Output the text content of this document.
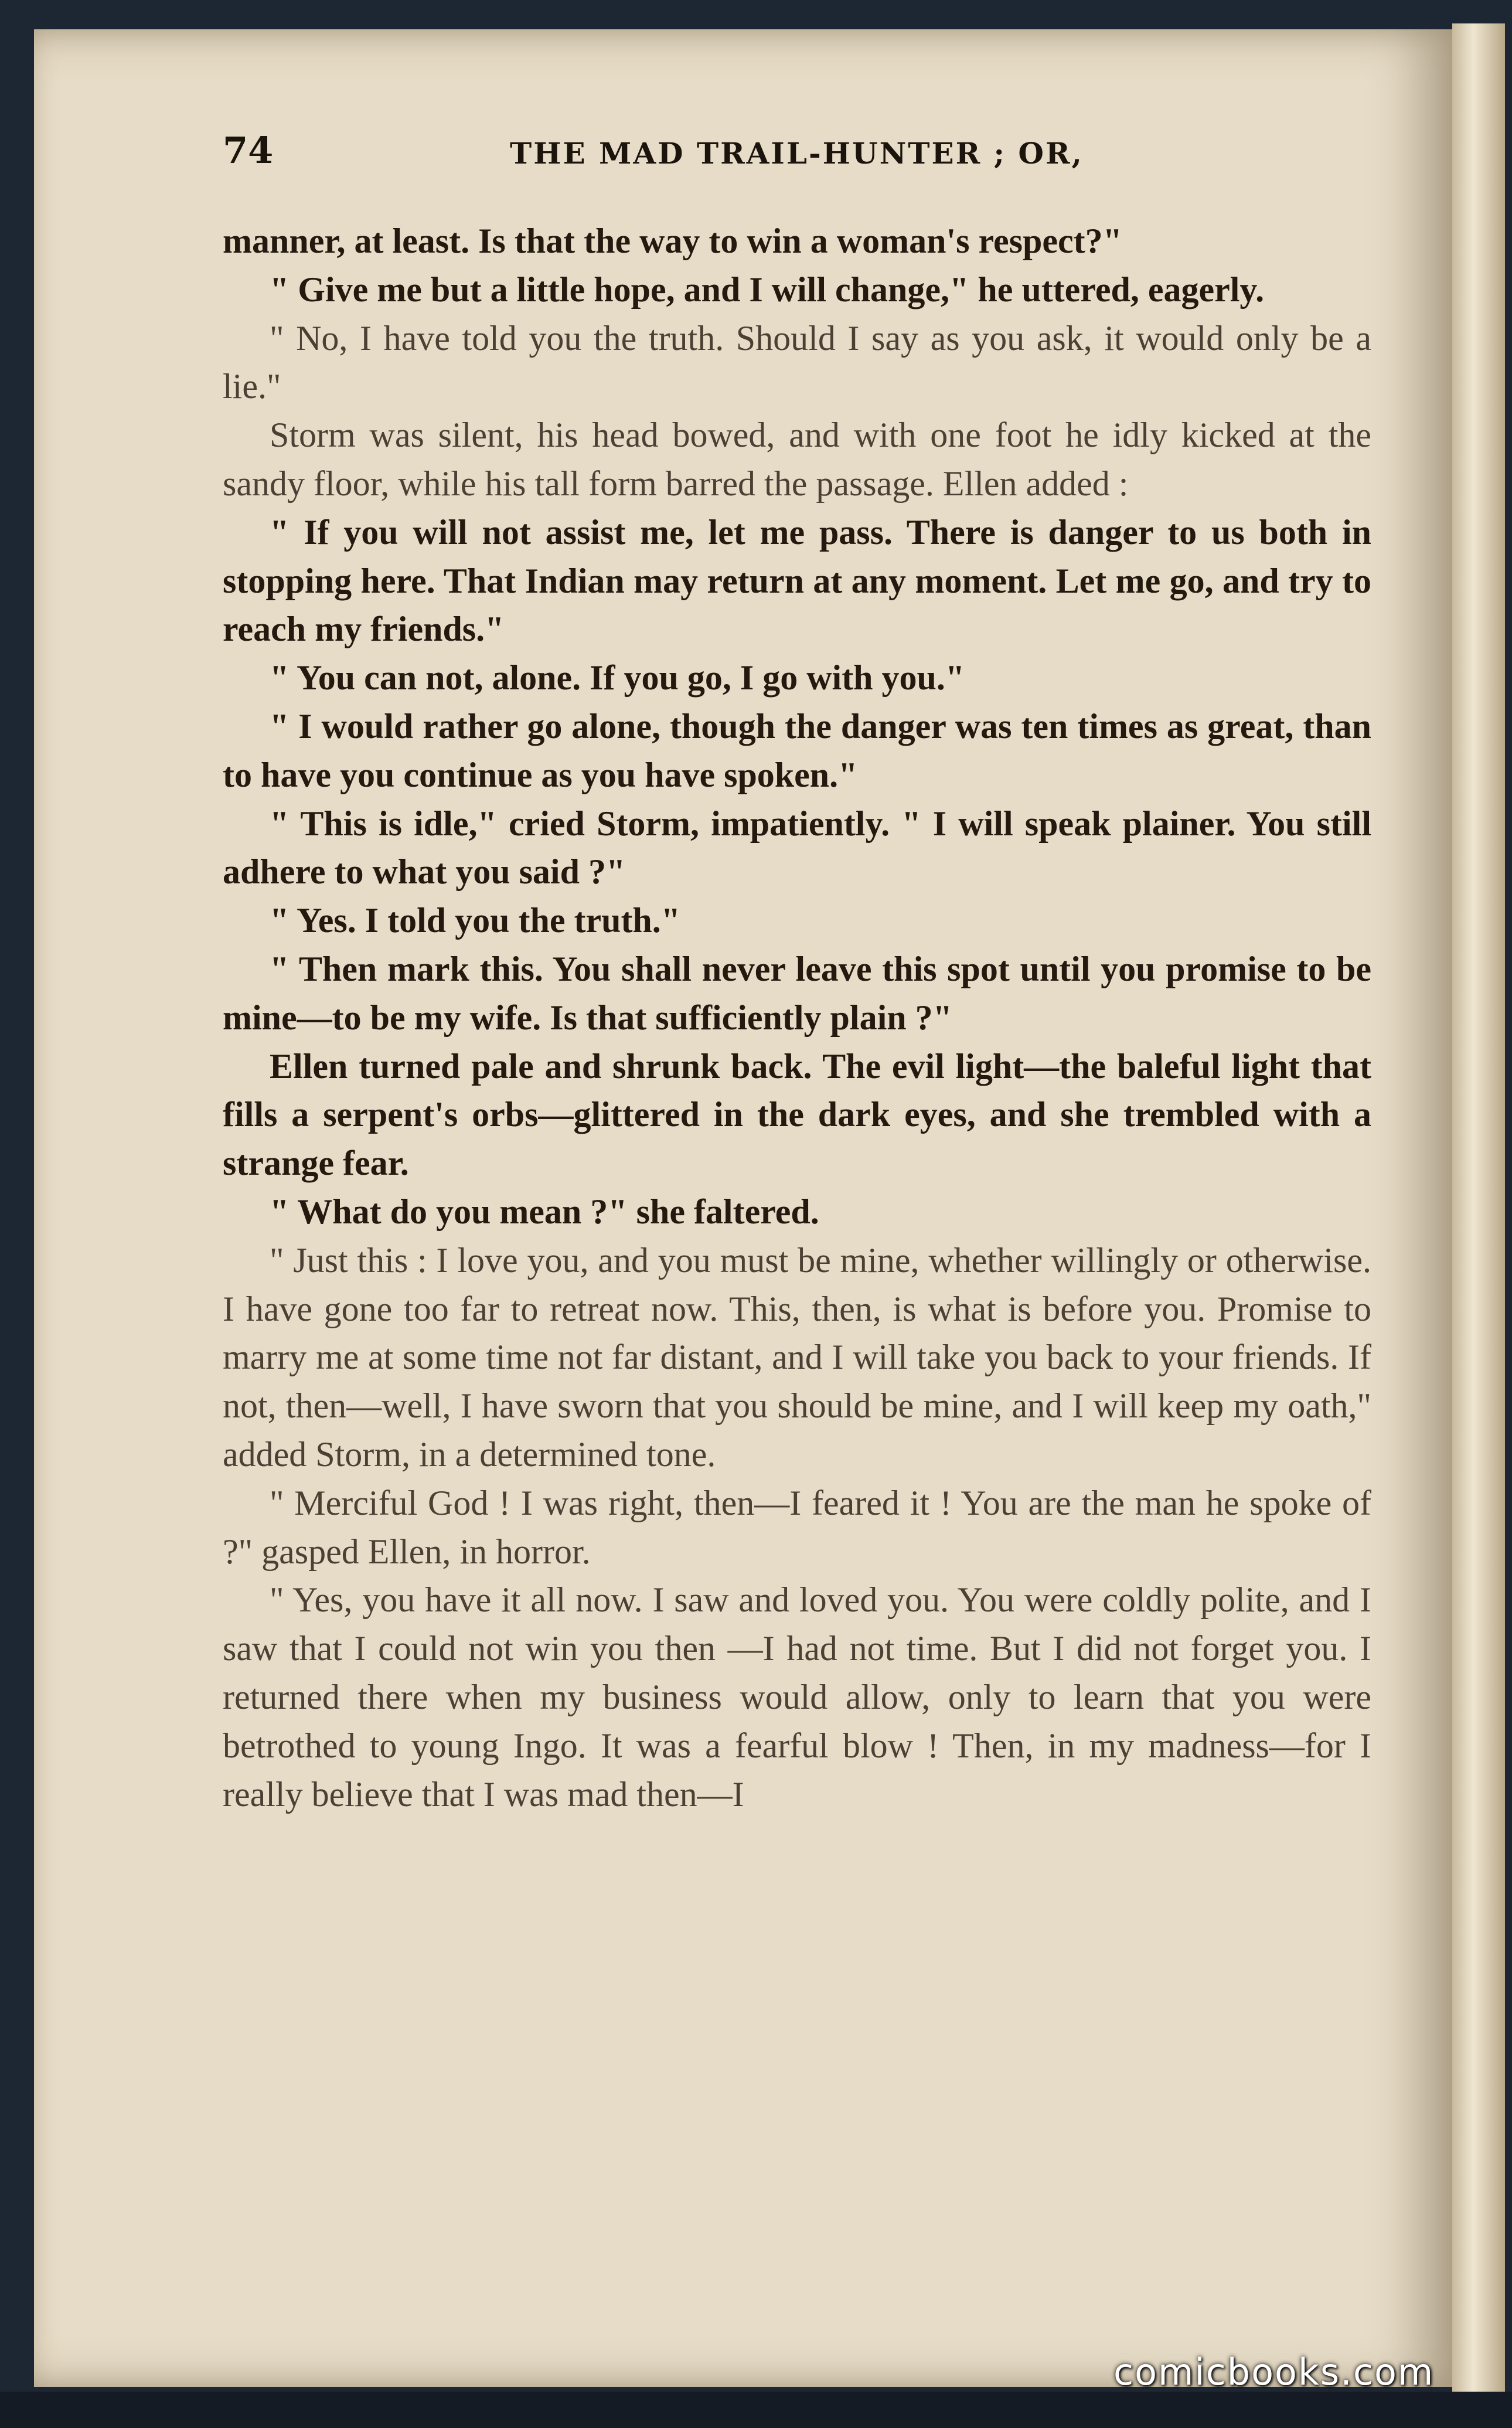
74	THE MAD TRAIL-HUNTER ; OR,

manner, at least. Is that the way to win a woman's respect?"

" Give me but a little hope, and I will change," he uttered, eagerly.

" No, I have told you the truth. Should I say as you ask, it would only be a lie."

Storm was silent, his head bowed, and with one foot he idly kicked at the sandy floor, while his tall form barred the passage. Ellen added :

" If you will not assist me, let me pass. There is danger to us both in stopping here. That Indian may return at any moment. Let me go, and try to reach my friends."

" You can not, alone. If you go, I go with you."

" I would rather go alone, though the danger was ten times as great, than to have you continue as you have spoken."

" This is idle," cried Storm, impatiently. " I will speak plainer. You still adhere to what you said ?"

" Yes. I told you the truth."

" Then mark this. You shall never leave this spot until you promise to be mine—to be my wife. Is that sufficiently plain ?"

Ellen turned pale and shrunk back. The evil light—the baleful light that fills a serpent's orbs—glittered in the dark eyes, and she trembled with a strange fear.

" What do you mean ?" she faltered.

" Just this : I love you, and you must be mine, whether willingly or otherwise. I have gone too far to retreat now. This, then, is what is before you. Promise to marry me at some time not far distant, and I will take you back to your friends. If not, then—well, I have sworn that you should be mine, and I will keep my oath," added Storm, in a determined tone.

" Merciful God ! I was right, then—I feared it ! You are the man he spoke of ?" gasped Ellen, in horror.

" Yes, you have it all now. I saw and loved you. You were coldly polite, and I saw that I could not win you then —I had not time. But I did not forget you. I returned there when my business would allow, only to learn that you were betrothed to young Ingo. It was a fearful blow ! Then, in my madness—for I really believe that I was mad then—I

comicbooks.com
